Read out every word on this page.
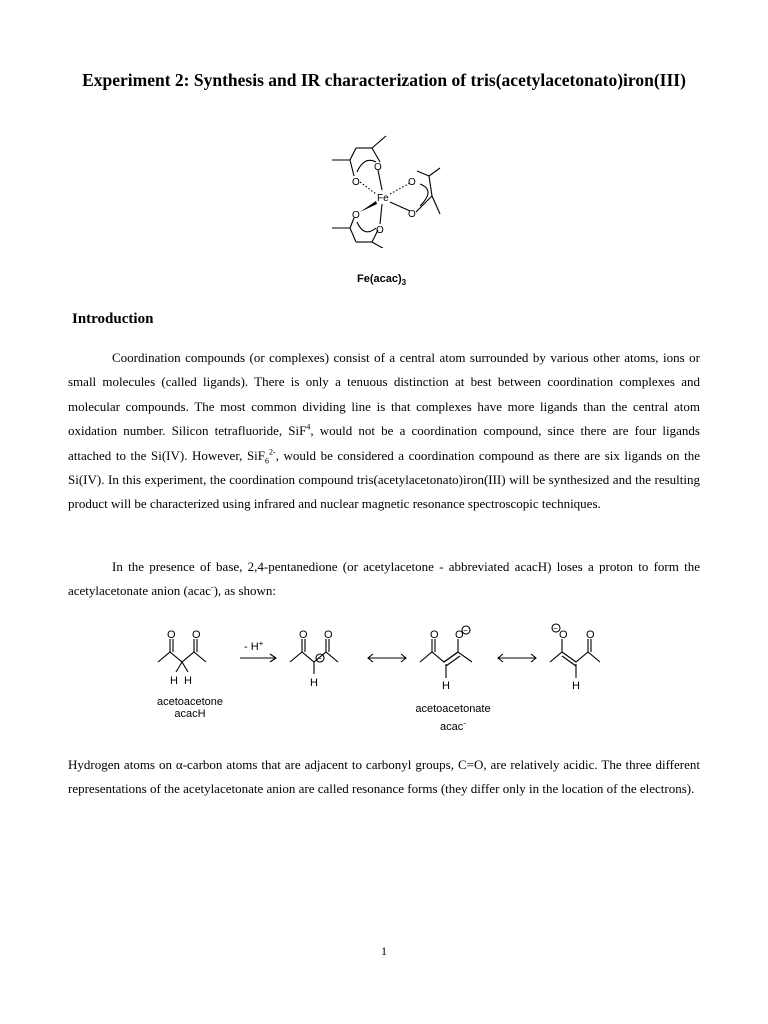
Experiment 2: Synthesis and IR characterization of tris(acetylacetonato)iron(III)
O
O	O
O
O
O
Fe
$Fe(acac)_3$
Introduction

Coordination compounds (or complexes) consist of a central atom surrounded by various other atoms, ions or small molecules (called ligands). There is only a tenuous distinction at best between coordination complexes and molecular compounds. The most common dividing line is that complexes have more ligands than the central atom oxidation number. Silicon tetrafluoride, SiF$^4$, would not be a coordination compound, since there are four ligands attached to the Si(IV). However, SiF$_6^{2-}$, would be considered a coordination compound as there are six ligands on the Si(IV). In this experiment, the coordination compound tris(acetylacetonato)iron(III) will be synthesized and the resulting product will be characterized using infrared and nuclear magnetic resonance spectroscopic techniques.

In the presence of base, 2,4-pentanedione (or acetylacetone - abbreviated acacH) loses a proton to form the acetylacetonate anion (acac-), as shown:

O O
H H
- H+
O O
H
−
O O −
H
O O
−
H
acetoacetone
acacH	acetoacetonate
acac-

Hydrogen atoms on α-carbon atoms that are adjacent to carbonyl groups, C=O, are relatively acidic. The three different representations of the acetylacetonate anion are called resonance forms (they differ only in the location of the electrons).

1
